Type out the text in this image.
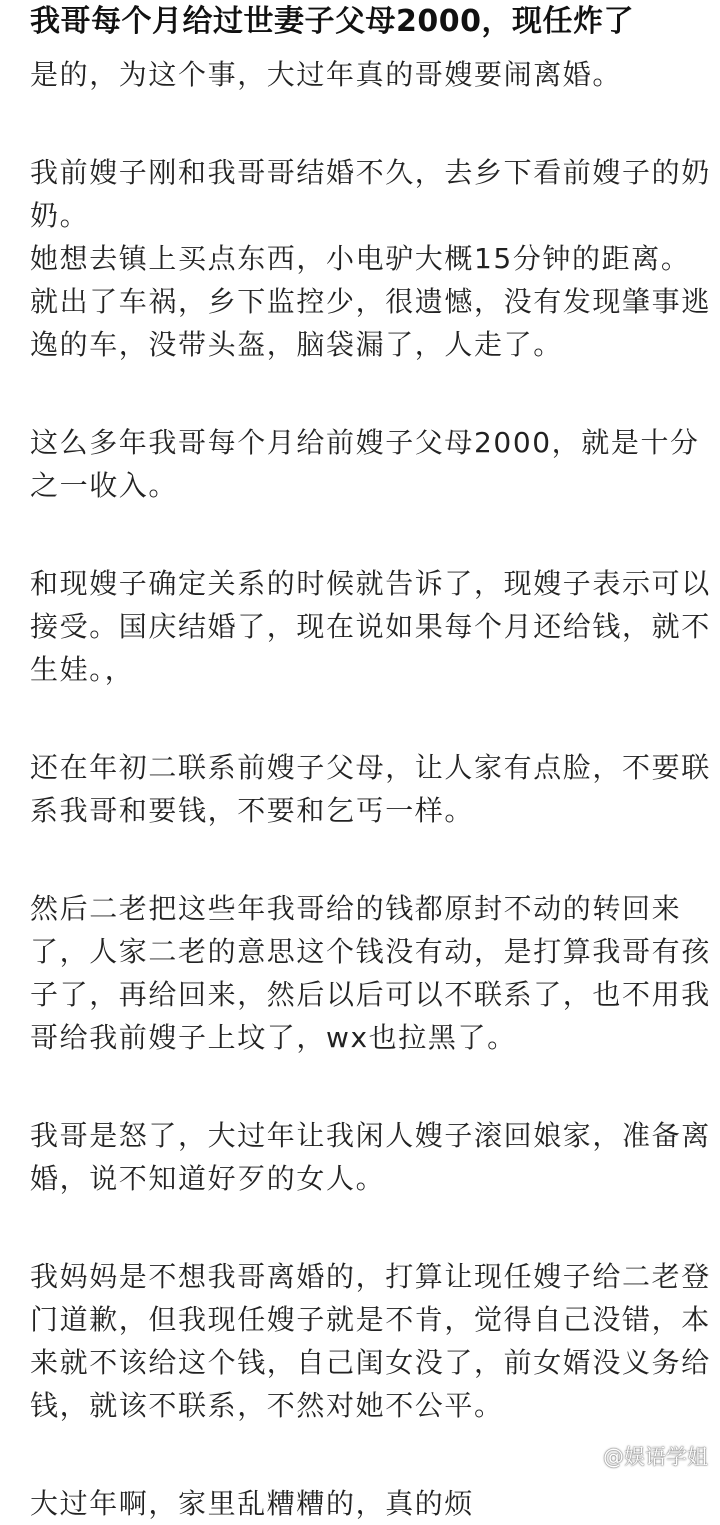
我哥每个月给过世妻子父母2000，现任炸了

是的，为这个事，大过年真的哥嫂要闹离婚。

我前嫂子刚和我哥哥结婚不久，去乡下看前嫂子的奶
奶。
她想去镇上买点东西，小电驴大概15分钟的距离。
就出了车祸，乡下监控少，很遗憾，没有发现肇事逃
逸的车，没带头盔，脑袋漏了，人走了。

这么多年我哥每个月给前嫂子父母2000，就是十分
之一收入。

和现嫂子确定关系的时候就告诉了，现嫂子表示可以
接受。国庆结婚了，现在说如果每个月还给钱，就不
生娃。，

还在年初二联系前嫂子父母，让人家有点脸，不要联
系我哥和要钱，不要和乞丐一样。

然后二老把这些年我哥给的钱都原封不动的转回来
了，人家二老的意思这个钱没有动，是打算我哥有孩
子了，再给回来，然后以后可以不联系了，也不用我
哥给我前嫂子上坟了，wx也拉黑了。

我哥是怒了，大过年让我闲人嫂子滚回娘家，准备离
婚，说不知道好歹的女人。

我妈妈是不想我哥离婚的，打算让现任嫂子给二老登
门道歉，但我现任嫂子就是不肯，觉得自己没错，本
来就不该给这个钱，自己闺女没了，前女婿没义务给
钱，就该不联系，不然对她不公平。

大过年啊，家里乱糟糟的，真的烦

@娱语学姐
